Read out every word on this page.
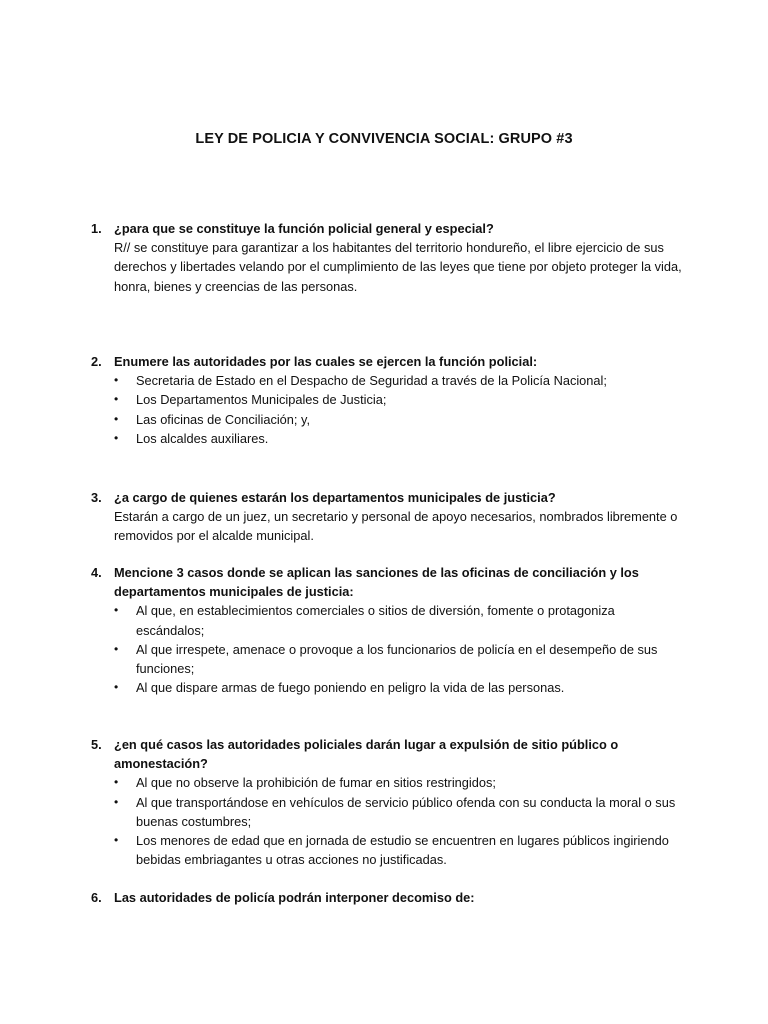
LEY DE POLICIA Y CONVIVENCIA SOCIAL: GRUPO #3
1. ¿para que se constituye la función policial general y especial?
R// se constituye para garantizar a los habitantes del territorio hondureño, el libre ejercicio de sus derechos y libertades velando por el cumplimiento de las leyes que tiene por objeto proteger la vida, honra, bienes y creencias de las personas.
2. Enumere las autoridades por las cuales se ejercen la función policial:
•	Secretaria de Estado en el Despacho de Seguridad a través de la Policía Nacional;
•	Los Departamentos Municipales de Justicia;
•	Las oficinas de Conciliación; y,
•	Los alcaldes auxiliares.
3. ¿a cargo de quienes estarán los departamentos municipales de justicia?
Estarán a cargo de un juez, un secretario y personal de apoyo necesarios, nombrados libremente o removidos por el alcalde municipal.
4. Mencione 3 casos donde se aplican las sanciones de las oficinas de conciliación y los departamentos municipales de justicia:
•	Al que, en establecimientos comerciales o sitios de diversión, fomente o protagoniza escándalos;
•	Al que irrespete, amenace o provoque a los funcionarios de policía en el desempeño de sus funciones;
•	Al que dispare armas de fuego poniendo en peligro la vida de las personas.
5. ¿en qué casos las autoridades policiales darán lugar a expulsión de sitio público o amonestación?
•	Al que no observe la prohibición de fumar en sitios restringidos;
•	Al que transportándose en vehículos de servicio público ofenda con su conducta la moral o sus buenas costumbres;
•	Los menores de edad que en jornada de estudio se encuentren en lugares públicos ingiriendo bebidas embriagantes u otras acciones no justificadas.
6. Las autoridades de policía podrán interponer decomiso de:
